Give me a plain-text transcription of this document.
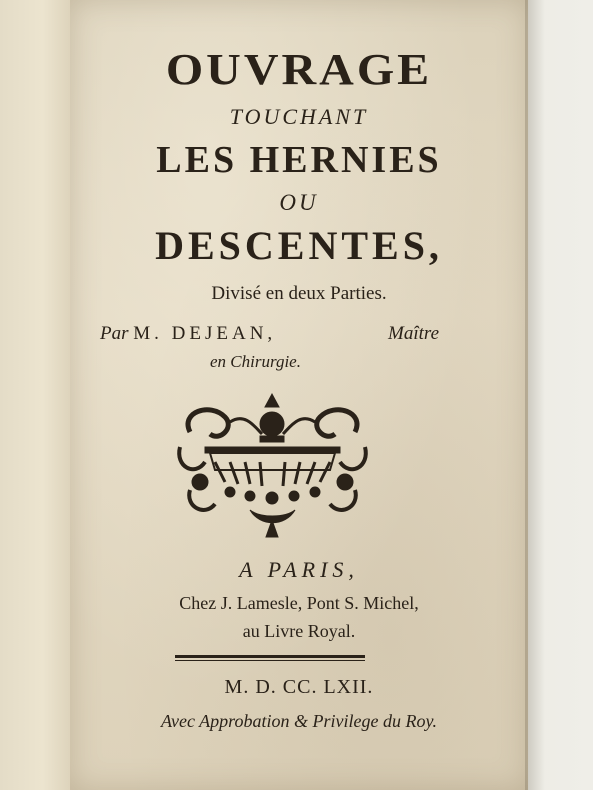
OUVRAGE
TOUCHANT
LES HERNIES
OU
DESCENTES,
Divisé en deux Parties.
Par M. DEJEAN,	Maître
en Chirurgie.
A PARIS,
Chez J. Lamesle, Pont S. Michel,
au Livre Royal.
M. D. CC. LXII.
Avec Approbation & Privilege du Roy.
